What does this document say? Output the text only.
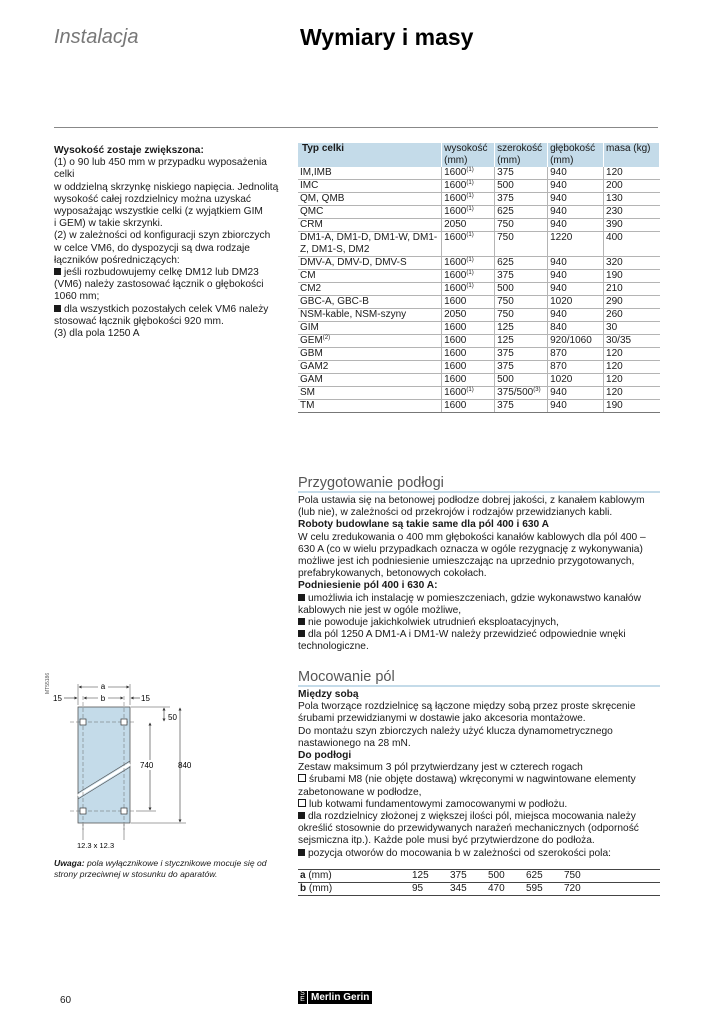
Instalacja	Wymiary i masy
Wysokość zostaje zwiększona:
(1) o 90 lub 450 mm w przypadku wyposażenia celki
w oddzielną skrzynkę niskiego napięcia. Jednolitą
wysokość całej rozdzielnicy można uzyskać
wyposażając wszystkie celki (z wyjątkiem GIM
i GEM) w takie skrzynki.
(2) w zależności od konfiguracji szyn zbiorczych
w celce VM6, do dyspozycji są dwa rodzaje
łączników pośredniczących:
jeśli rozbudowujemy celkę DM12 lub DM23 (VM6) należy zastosować łącznik o głębokości 1060 mm;
dla wszystkich pozostałych celek VM6 należy stosować łącznik głębokości 920 mm.
(3) dla pola 1250 A
Typ celki	wysokość (mm)	szerokość (mm)	głębokość (mm)	masa (kg)
IM,IMB	1600$^{(1)}$	375	940	120
IMC	1600$^{(1)}$	500	940	200
QM, QMB	1600$^{(1)}$	375	940	130
QMC	1600$^{(1)}$	625	940	230
CRM	2050	750	940	390
DM1-A, DM1-D, DM1-W, DM1-Z, DM1-S, DM2	1600$^{(1)}$	750	1220	400
DMV-A, DMV-D, DMV-S	1600$^{(1)}$	625	940	320
CM	1600$^{(1)}$	375	940	190
CM2	1600$^{(1)}$	500	940	210
GBC-A, GBC-B	1600	750	1020	290
NSM-kable, NSM-szyny	2050	750	940	260
GIM	1600	125	840	30
GEM$^{(2)}$	1600	125	920/1060	30/35
GBM	1600	375	870	120
GAM2	1600	375	870	120
GAM	1600	500	1020	120
SM	1600$^{(1)}$	375/500$^{(3)}$	940	120
TM	1600	375	940	190
Przygotowanie podłogi
Pola ustawia się na betonowej podłodze dobrej jakości, z kanałem kablowym (lub nie), w zależności od przekrojów i rodzajów przewidzianych kabli.
Roboty budowlane są takie same dla pól 400 i 630 A
W celu zredukowania o 400 mm głębokości kanałów kablowych dla pól 400 – 630 A (co w wielu przypadkach oznacza w ogóle rezygnację z wykonywania) możliwe jest ich podniesienie umieszczając na uprzednio przygotowanych, prefabrykowanych, betonowych cokołach.
Podniesienie pól 400 i 630 A:
umożliwia ich instalację w pomieszczeniach, gdzie wykonawstwo kanałów kablowych nie jest w ogóle możliwe,
nie powoduje jakichkolwiek utrudnień eksploatacyjnych,
dla pól 1250 A DM1-A i DM1-W należy przewidzieć odpowiednie wnęki technologiczne.
Mocowanie pól
Między sobą
Pola tworzące rozdzielnicę są łączone między sobą przez proste skręcenie śrubami przewidzianymi w dostawie jako akcesoria montażowe.
Do montażu szyn zbiorczych należy użyć klucza dynamometrycznego nastawionego na 28 mN.
Do podłogi
Zestaw maksimum 3 pól przytwierdzany jest w czterech rogach
śrubami M8 (nie objęte dostawą) wkręconymi w nagwintowane elementy zabetonowane w podłodze,
lub kotwami fundamentowymi zamocowanymi w podłożu.
dla rozdzielnicy złożonej z większej ilości pól, miejsca mocowania należy określić stosownie do przewidywanych narażeń mechanicznych (odporność sejsmiczna itp.). Każde pole musi być przytwierdzone do podłoża.
pozycja otworów do mocowania b w zależności od szerokości pola:
a (mm)	125	375	500	625	750
b (mm)	95	345	470	595	720
MT55186	a
b
15	15
50
740	840
12.3 x 12.3
Uwaga: pola wyłącznikowe i stycznikowe mocuje się od strony przeciwnej w stosunku do aparatów.
60
S E Merlin Gerin
